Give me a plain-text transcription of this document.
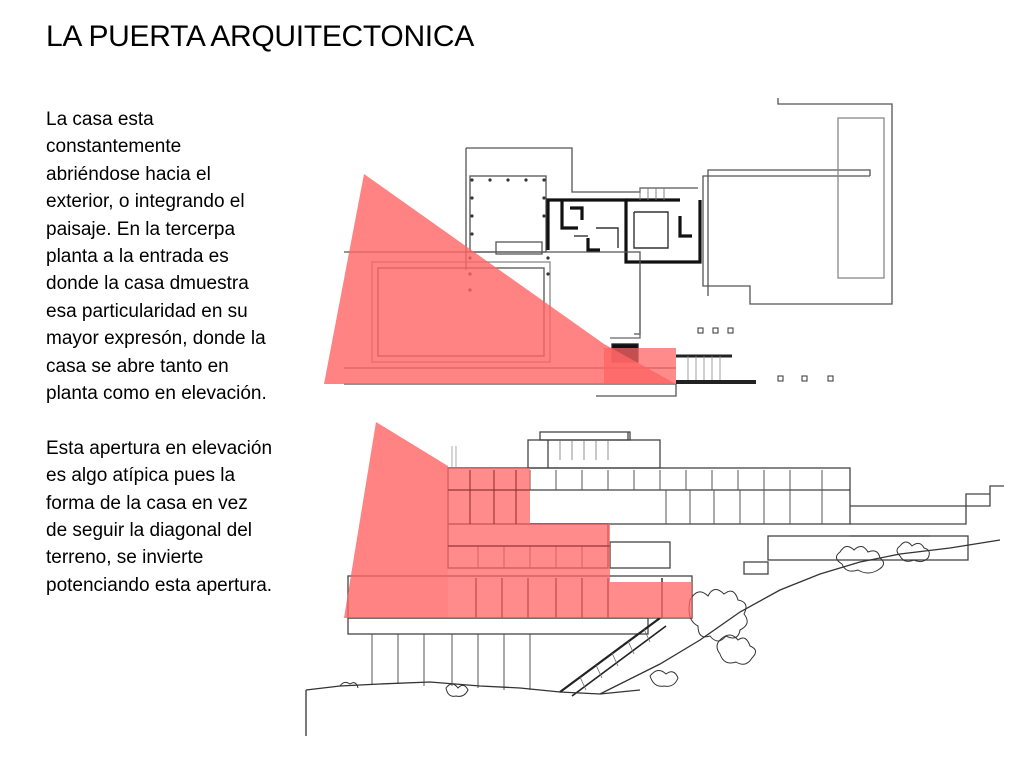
LA PUERTA ARQUITECTONICA

La casa esta constantemente abriéndose hacia el exterior, o integrando el paisaje. En la tercerpa planta a la entrada es donde la casa dmuestra esa particularidad en su mayor expresón, donde la casa se abre tanto en planta como en elevación.

Esta apertura en elevación es algo atípica pues la forma de la casa en vez de seguir la diagonal del terreno, se invierte potenciando esta apertura.
